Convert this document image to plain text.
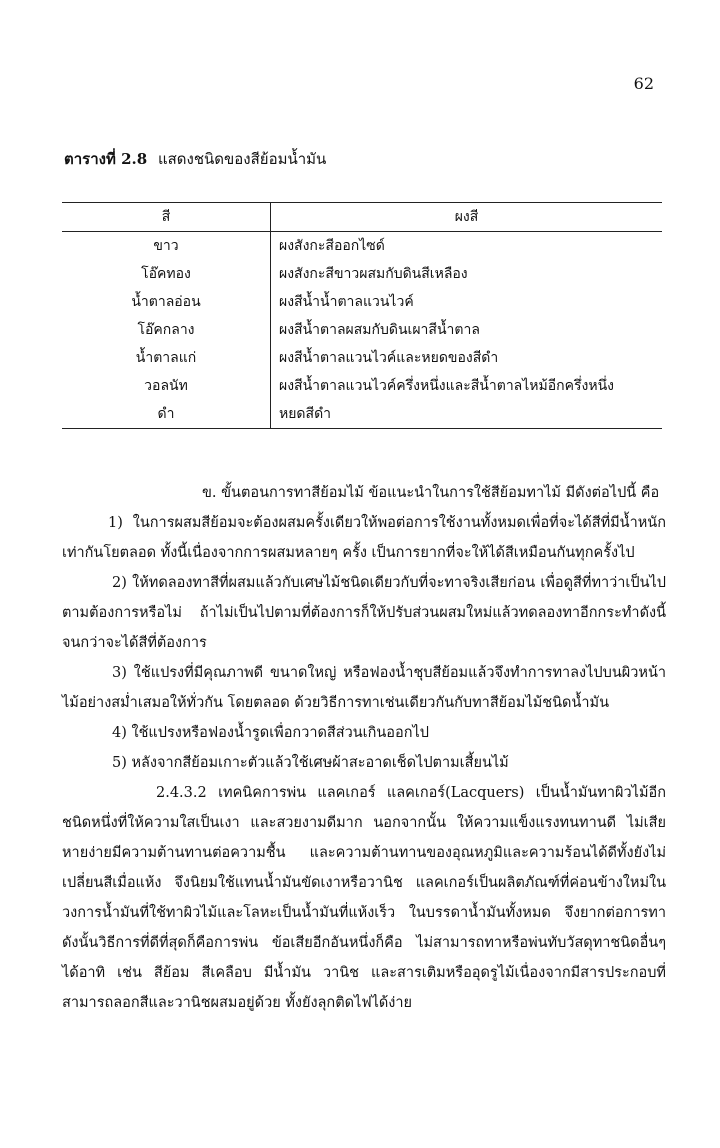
62
ตารางที่ 2.8 แสดงชนิดของสีย้อมน้ำมัน
สี	ผงสี
ขาว	ผงสังกะสีออกไซด์
โอ๊คทอง	ผงสังกะสีขาวผสมกับดินสีเหลือง
น้ำตาลอ่อน	ผงสีน้ำน้ำตาลแวนไวค์
โอ๊คกลาง	ผงสีน้ำตาลผสมกับดินเผาสีน้ำตาล
น้ำตาลแก่	ผงสีน้ำตาลแวนไวค์และหยดของสีดำ
วอลนัท	ผงสีน้ำตาลแวนไวค์ครึ่งหนึ่งและสีน้ำตาลไหม้อีกครึ่งหนึ่ง
ดำ	หยดสีดำ

ข. ขั้นตอนการทาสีย้อมไม้ ข้อแนะนำในการใช้สีย้อมทาไม้ มีดังต่อไปนี้ คือ

1) ในการผสมสีย้อมจะต้องผสมครั้งเดียวให้พอต่อการใช้งานทั้งหมดเพื่อที่จะได้สีที่มีน้ำหนักเท่ากันโยตลอด ทั้งนี้เนื่องจากการผสมหลายๆ ครั้ง เป็นการยากที่จะให้ได้สีเหมือนกันทุกครั้งไป

2) ให้ทดลองทาสีที่ผสมแล้วกับเศษไม้ชนิดเดียวกับที่จะทาจริงเสียก่อน เพื่อดูสีที่ทาว่าเป็นไปตามต้องการหรือไม่ ถ้าไม่เป็นไปตามที่ต้องการก็ให้ปรับส่วนผสมใหม่แล้วทดลองทาอีกกระทำดังนี้จนกว่าจะได้สีที่ต้องการ

3) ใช้แปรงที่มีคุณภาพดี ขนาดใหญ่ หรือฟองน้ำชุบสีย้อมแล้วจึงทำการทาลงไปบนผิวหน้าไม้อย่างสม่ำเสมอให้ทั่วกัน โดยตลอด ด้วยวิธีการทาเช่นเดียวกันกับทาสีย้อมไม้ชนิดน้ำมัน

4) ใช้แปรงหรือฟองน้ำรูดเพื่อกวาดสีส่วนเกินออกไป

5) หลังจากสีย้อมเกาะตัวแล้วใช้เศษผ้าสะอาดเช็ดไปตามเสี้ยนไม้

2.4.3.2 เทคนิคการพ่น แลคเกอร์ แลคเกอร์(Lacquers) เป็นน้ำมันทาผิวไม้อีกชนิดหนึ่งที่ให้ความใสเป็นเงา และสวยงามดีมาก นอกจากนั้น ให้ความแข็งแรงทนทานดี ไม่เสียหายง่ายมีความต้านทานต่อความชื้น และความต้านทานของอุณหภูมิและความร้อนได้ดีทั้งยังไม่เปลี่ยนสีเมื่อแห้ง จึงนิยมใช้แทนน้ำมันขัดเงาหรือวานิช แลคเกอร์เป็นผลิตภัณฑ์ที่ค่อนข้างใหม่ในวงการน้ำมันที่ใช้ทาผิวไม้และโลหะเป็นน้ำมันที่แห้งเร็ว ในบรรดาน้ำมันทั้งหมด จึงยากต่อการทา ดังนั้นวิธีการที่ดีที่สุดก็คือการพ่น ข้อเสียอีกอันหนึ่งก็คือ ไม่สามารถทาหรือพ่นทับวัสดุทาชนิดอื่นๆ ได้อาทิ เช่น สีย้อม สีเคลือบ มีน้ำมัน วานิช และสารเติมหรืออุดรูไม้เนื่องจากมีสารประกอบที่สามารถลอกสีและวานิชผสมอยู่ด้วย ทั้งยังลุกติดไฟได้ง่าย
